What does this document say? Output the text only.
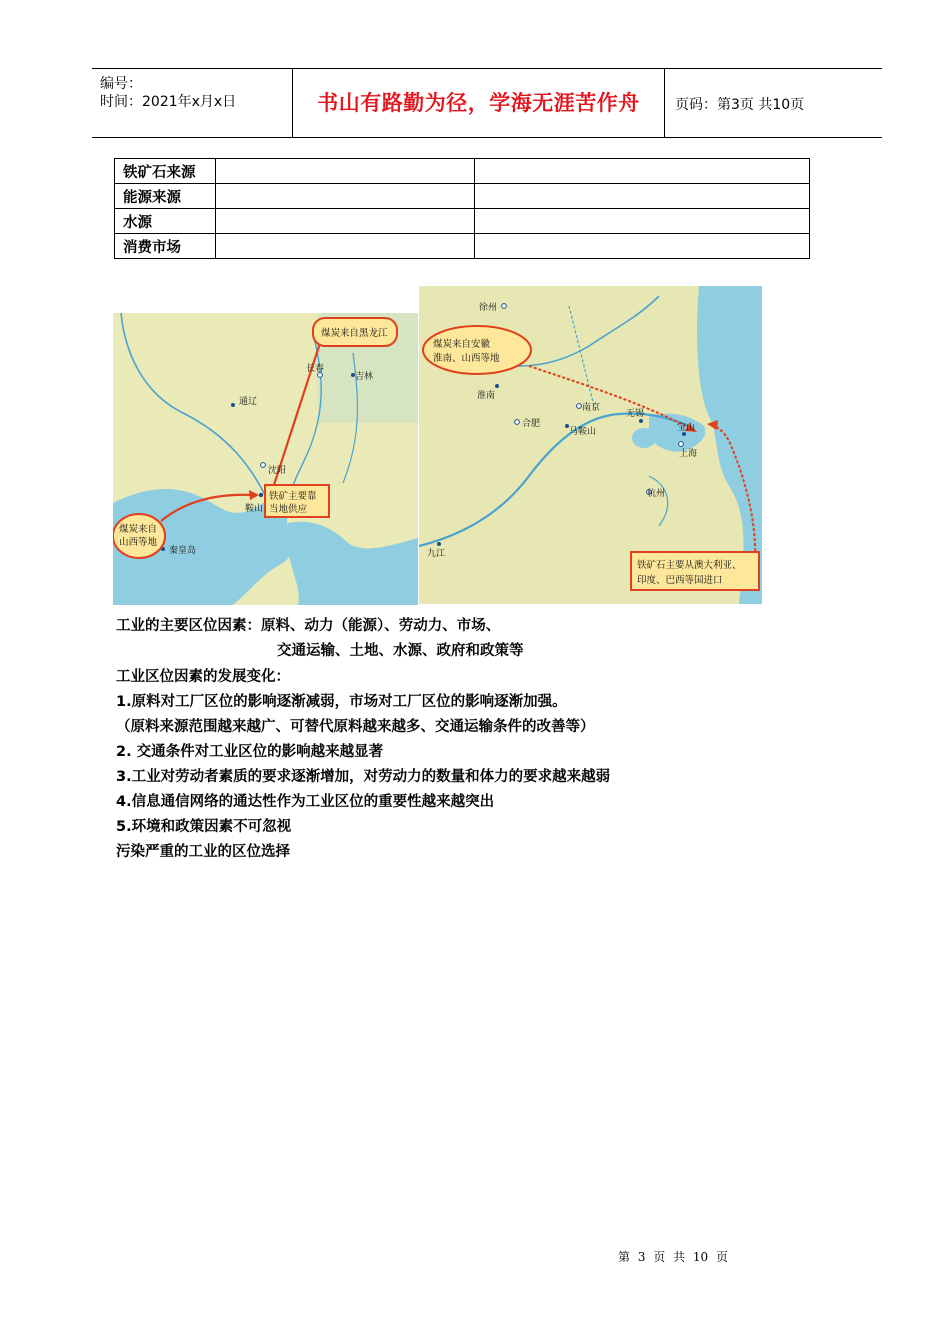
编号：
时间：2021年x月x日	书山有路勤为径，学海无涯苦作舟	页码：第3页 共10页
铁矿石来源		
能源来源		
水源		
消费市场		
长春
吉林
通辽
沈阳
鞍山
秦皇岛
煤炭来自黑龙江
煤炭来自
山西等地
铁矿主要靠
当地供应
徐州
淮南
合肥
南京
马鞍山
无锡
宝山
上海
杭州
九江
煤炭来自安徽
淮南、山西等地
铁矿石主要从澳大利亚、
印度、巴西等国进口
工业的主要区位因素：原料、动力（能源）、劳动力、市场、
交通运输、土地、水源、政府和政策等
工业区位因素的发展变化：
1.原料对工厂区位的影响逐渐减弱，市场对工厂区位的影响逐渐加强。
（原料来源范围越来越广、可替代原料越来越多、交通运输条件的改善等）
2. 交通条件对工业区位的影响越来越显著
3.工业对劳动者素质的要求逐渐增加，对劳动力的数量和体力的要求越来越弱
4.信息通信网络的通达性作为工业区位的重要性越来越突出
5.环境和政策因素不可忽视
污染严重的工业的区位选择
第 3 页 共 10 页
